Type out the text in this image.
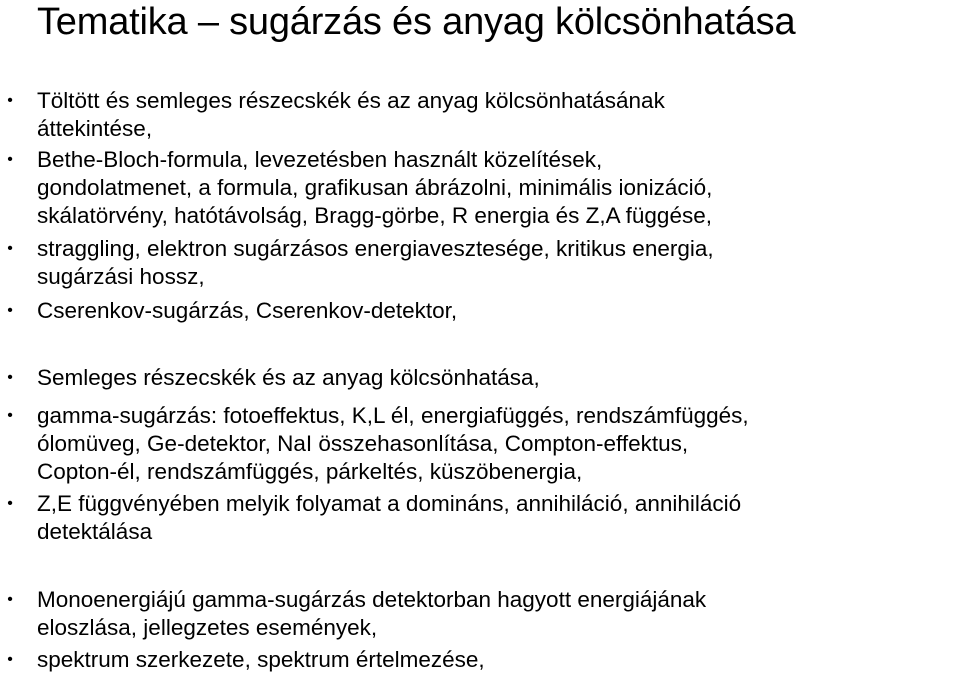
Tematika – sugárzás és anyag kölcsönhatása
• Töltött és semleges részecskék és az anyag kölcsönhatásának
áttekintése,
• Bethe-Bloch-formula, levezetésben használt közelítések,
gondolatmenet, a formula, grafikusan ábrázolni, minimális ionizáció,
skálatörvény, hatótávolság, Bragg-görbe, R energia és Z,A függése,
• straggling, elektron sugárzásos energiavesztesége, kritikus energia,
sugárzási hossz,
• Cserenkov-sugárzás, Cserenkov-detektor,
• Semleges részecskék és az anyag kölcsönhatása,
• gamma-sugárzás: fotoeffektus, K,L él, energiafüggés, rendszámfüggés,
ólomüveg, Ge-detektor, NaI összehasonlítása, Compton-effektus,
Copton-él, rendszámfüggés, párkeltés, küszöbenergia,
• Z,E függvényében melyik folyamat a domináns, annihiláció, annihiláció
detektálása
• Monoenergiájú gamma-sugárzás detektorban hagyott energiájának
eloszlása, jellegzetes események,
• spektrum szerkezete, spektrum értelmezése,
